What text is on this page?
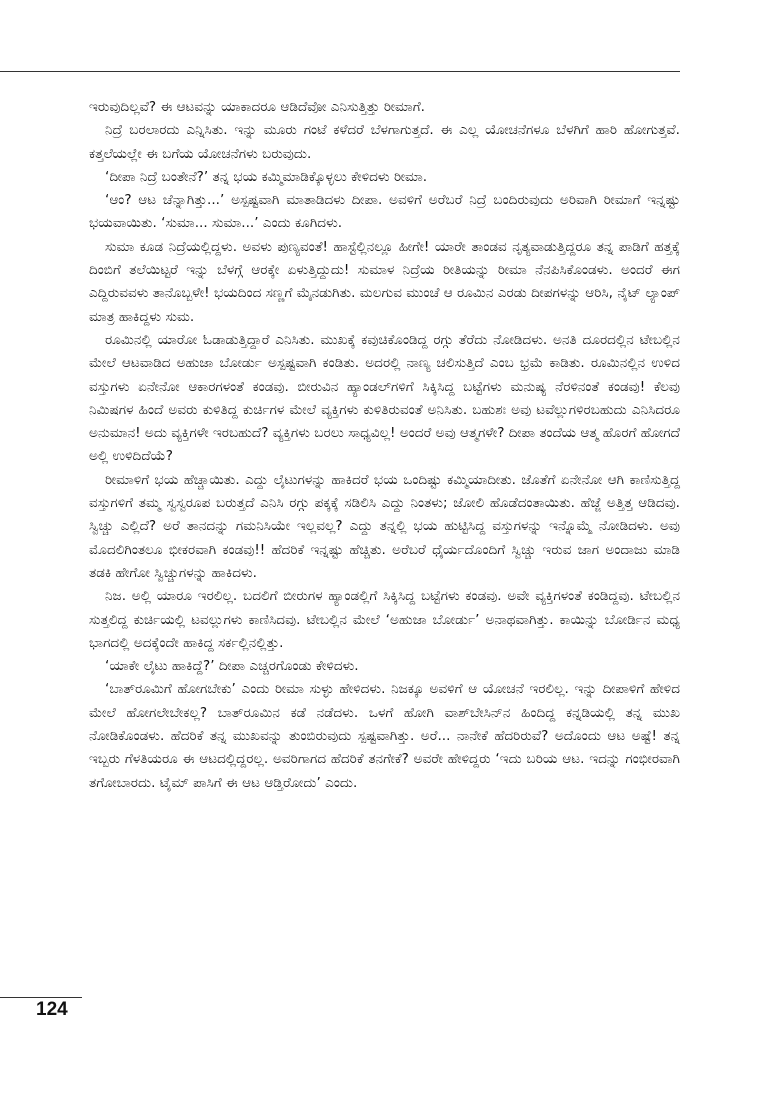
ಇರುವುದಿಲ್ಲವೆ? ಈ ಆಟವನ್ನು ಯಾಕಾದರೂ ಆಡಿದೆವೋ ಎನಿಸುತ್ತಿತ್ತು ರೀಮಾಗೆ.

ನಿದ್ರೆ ಬರಲಾರದು ಎನ್ನಿಸಿತು. ಇನ್ನು ಮೂರು ಗಂಟೆ ಕಳೆದರೆ ಬೆಳಗಾಗುತ್ತದೆ. ಈ ಎಲ್ಲ ಯೋಚನೆಗಳೂ ಬೆಳಗಿಗೆ ಹಾರಿ ಹೋಗುತ್ತವೆ. ಕತ್ತಲೆಯಲ್ಲೇ ಈ ಬಗೆಯ ಯೋಚನೆಗಳು ಬರುವುದು.

‘ದೀಪಾ ನಿದ್ರೆ ಬಂತೇನೆ?’ ತನ್ನ ಭಯ ಕಮ್ಮಿಮಾಡಿಕ್ಕೊಳ್ಳಲು ಕೇಳಿದಳು ರೀಮಾ.

‘ಆಂ? ಆಟ ಚೆನ್ನಾಗಿತ್ತು...’ ಅಸ್ಪಷ್ಟವಾಗಿ ಮಾತಾಡಿದಳು ದೀಪಾ. ಅವಳಿಗೆ ಅರೆಬರೆ ನಿದ್ರೆ ಬಂದಿರುವುದು ಅರಿವಾಗಿ ರೀಮಾಗೆ ಇನ್ನಷ್ಟು ಭಯವಾಯಿತು. ‘ಸುಮಾ... ಸುಮಾ...’ ಎಂದು ಕೂಗಿದಳು.

ಸುಮಾ ಕೂಡ ನಿದ್ರೆಯಲ್ಲಿದ್ದಳು. ಅವಳು ಪುಣ್ಯವಂತೆ! ಹಾಸ್ಟೆಲ್ಲಿನಲ್ಲೂ ಹೀಗೇ! ಯಾರೇ ತಾಂಡವ ನೃತ್ಯವಾಡುತ್ತಿದ್ದರೂ ತನ್ನ ಪಾಡಿಗೆ ಹತ್ತಕ್ಕೆ ದಿಂಬಿಗೆ ತಲೆಯಿಟ್ಟರೆ ಇನ್ನು ಬೆಳಗ್ಗೆ ಆರಕ್ಕೇ ಏಳುತ್ತಿದ್ದುದು! ಸುಮಾಳ ನಿದ್ರೆಯ ರೀತಿಯನ್ನು ರೀಮಾ ನೆನಪಿಸಿಕೊಂಡಳು. ಅಂದರೆ ಈಗ ಎದ್ದಿರುವವಳು ತಾನೊಬ್ಬಳೇ! ಭಯದಿಂದ ಸಣ್ಣಗೆ ಮೈನಡುಗಿತು. ಮಲಗುವ ಮುಂಚೆ ಆ ರೂಮಿನ ಎರಡು ದೀಪಗಳನ್ನು ಆರಿಸಿ, ನೈಟ್ ಲ್ಯಾಂಪ್ ಮಾತ್ರ ಹಾಕಿದ್ದಳು ಸುಮ.

ರೂಮಿನಲ್ಲಿ ಯಾರೋ ಓಡಾಡುತ್ತಿದ್ದಾರೆ ಎನಿಸಿತು. ಮುಖಕ್ಕೆ ಕವುಚಿಕೊಂಡಿದ್ದ ರಗ್ಗು ತೆರೆದು ನೋಡಿದಳು. ಅನತಿ ದೂರದಲ್ಲಿನ ಟೇಬಲ್ಲಿನ ಮೇಲೆ ಆಟವಾಡಿದ ಅಹುಜಾ ಬೋರ್ಡು ಅಸ್ಪಷ್ಟವಾಗಿ ಕಂಡಿತು. ಅದರಲ್ಲಿ ನಾಣ್ಯ ಚಲಿಸುತ್ತಿದೆ ಎಂಬ ಭ್ರಮೆ ಕಾಡಿತು. ರೂಮಿನಲ್ಲಿನ ಉಳಿದ ವಸ್ತುಗಳು ಏನೇನೋ ಆಕಾರಗಳಂತೆ ಕಂಡವು. ಬೀರುವಿನ ಹ್ಯಾಂಡಲ್‌ಗಳಿಗೆ ಸಿಕ್ಕಿಸಿದ್ದ ಬಟ್ಟೆಗಳು ಮನುಷ್ಯ ನೆರಳಿನಂತೆ ಕಂಡವು! ಕೆಲವು ನಿಮಿಷಗಳ ಹಿಂದೆ ಅವರು ಕುಳಿತಿದ್ದ ಕುರ್ಚಿಗಳ ಮೇಲೆ ವ್ಯಕ್ತಿಗಳು ಕುಳಿತಿರುವಂತೆ ಅನಿಸಿತು. ಬಹುಶಃ ಅವು ಟವೆಲ್ಲುಗಳಿರಬಹುದು ಎನಿಸಿದರೂ ಅನುಮಾನ! ಅದು ವ್ಯಕ್ತಿಗಳೇ ಇರಬಹುದೆ? ವ್ಯಕ್ತಿಗಳು ಬರಲು ಸಾಧ್ಯವಿಲ್ಲ! ಅಂದರೆ ಅವು ಆತ್ಮಗಳೇ? ದೀಪಾ ತಂದೆಯ ಆತ್ಮ ಹೊರಗೆ ಹೋಗದೆ ಅಲ್ಲಿ ಉಳಿದಿದೆಯೆ?

ರೀಮಾಳಿಗೆ ಭಯ ಹೆಚ್ಚಾಯಿತು. ಎದ್ದು ಲೈಟುಗಳನ್ನು ಹಾಕಿದರೆ ಭಯ ಒಂದಿಷ್ಟು ಕಮ್ಮಿಯಾದೀತು. ಜೊತೆಗೆ ಏನೇನೋ ಆಗಿ ಕಾಣಿಸುತ್ತಿದ್ದ ವಸ್ತುಗಳಿಗೆ ತಮ್ಮ ಸ್ವಸ್ವರೂಪ ಬರುತ್ತದೆ ಎನಿಸಿ ರಗ್ಗು ಪಕ್ಕಕ್ಕೆ ಸಡಿಲಿಸಿ ಎದ್ದು ನಿಂತಳು; ಜೋಲಿ ಹೊಡೆದಂತಾಯಿತು. ಹೆಜ್ಜೆ ಅತ್ತಿತ್ತ ಆಡಿದವು. ಸ್ವಿಚ್ಚು ಎಲ್ಲಿದೆ? ಅರೆ ತಾನದನ್ನು ಗಮನಿಸಿಯೇ ಇಲ್ಲವಲ್ಲ? ಎದ್ದು ತನ್ನಲ್ಲಿ ಭಯ ಹುಟ್ಟಿಸಿದ್ದ ವಸ್ತುಗಳನ್ನು ಇನ್ನೊಮ್ಮೆ ನೋಡಿದಳು. ಅವು ಮೊದಲಿಗಿಂತಲೂ ಭೀಕರವಾಗಿ ಕಂಡವು!! ಹೆದರಿಕೆ ಇನ್ನಷ್ಟು ಹೆಚ್ಚಿತು. ಅರೆಬರೆ ಧೈರ್ಯದೊಂದಿಗೆ ಸ್ವಿಚ್ಚು ಇರುವ ಜಾಗ ಅಂದಾಜು ಮಾಡಿ ತಡಕಿ ಹೇಗೋ ಸ್ವಿಚ್ಚುಗಳನ್ನು ಹಾಕಿದಳು.

ನಿಜ. ಅಲ್ಲಿ ಯಾರೂ ಇರಲಿಲ್ಲ. ಬದಲಿಗೆ ಬೀರುಗಳ ಹ್ಯಾಂಡಲ್ಲಿಗೆ ಸಿಕ್ಕಿಸಿದ್ದ ಬಟ್ಟೆಗಳು ಕಂಡವು. ಅವೇ ವ್ಯಕ್ತಿಗಳಂತೆ ಕಂಡಿದ್ದವು. ಟೇಬಲ್ಲಿನ ಸುತ್ತಲಿದ್ದ ಕುರ್ಚಿಯಲ್ಲಿ ಟವಲ್ಲುಗಳು ಕಾಣಿಸಿದವು. ಟೇಬಲ್ಲಿನ ಮೇಲೆ ‘ಅಹುಜಾ ಬೋರ್ಡು’ ಅನಾಥವಾಗಿತ್ತು. ಕಾಯಿನ್ನು ಬೋರ್ಡಿನ ಮಧ್ಯ ಭಾಗದಲ್ಲಿ ಅದಕ್ಕೆಂದೇ ಹಾಕಿದ್ದ ಸರ್ಕಲ್ಲಿನಲ್ಲಿತ್ತು.

‘ಯಾಕೇ ಲೈಟು ಹಾಕಿದ್ದೆ?’ ದೀಪಾ ಎಚ್ಚರಗೊಂಡು ಕೇಳಿದಳು.

‘ಬಾತ್‌ರೂಮಿಗೆ ಹೋಗಬೇಕು’ ಎಂದು ರೀಮಾ ಸುಳ್ಳು ಹೇಳಿದಳು. ನಿಜಕ್ಕೂ ಅವಳಿಗೆ ಆ ಯೋಚನೆ ಇರಲಿಲ್ಲ. ಇನ್ನು ದೀಪಾಳಿಗೆ ಹೇಳಿದ ಮೇಲೆ ಹೋಗಲೇಬೇಕಲ್ಲ? ಬಾತ್‌ರೂಮಿನ ಕಡೆ ನಡೆದಳು. ಒಳಗೆ ಹೋಗಿ ವಾಶ್‌ಬೇಸಿನ್‌ನ ಹಿಂದಿದ್ದ ಕನ್ನಡಿಯಲ್ಲಿ ತನ್ನ ಮುಖ ನೋಡಿಕೊಂಡಳು. ಹೆದರಿಕೆ ತನ್ನ ಮುಖವನ್ನು ತುಂಬಿರುವುದು ಸ್ಪಷ್ಟವಾಗಿತ್ತು. ಅರೆ... ನಾನೇಕೆ ಹೆದರಿರುವೆ? ಅದೊಂದು ಆಟ ಅಷ್ಟೆ! ತನ್ನ ಇಬ್ಬರು ಗೆಳತಿಯರೂ ಈ ಆಟದಲ್ಲಿದ್ದರಲ್ಲ. ಅವರಿಗಾಗದ ಹೆದರಿಕೆ ತನಗೇಕೆ? ಅವರೇ ಹೇಳಿದ್ದರು ‘ಇದು ಬರಿಯ ಆಟ. ಇದನ್ನು ಗಂಭೀರವಾಗಿ ತಗೋಬಾರದು. ಟೈಮ್ ಪಾಸಿಗೆ ಈ ಆಟ ಆಡ್ತಿರೋದು’ ಎಂದು.

124
